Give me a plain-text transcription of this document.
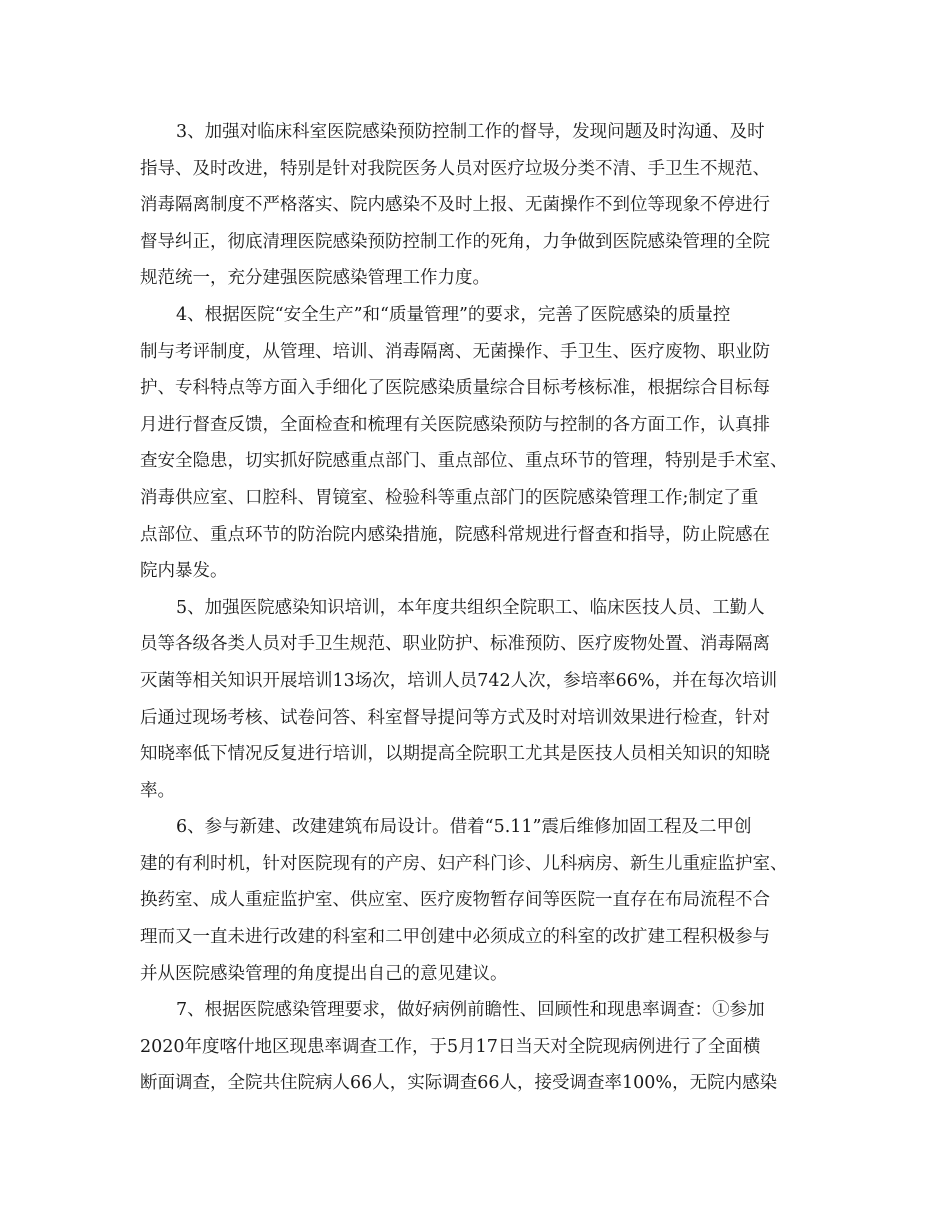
3、加强对临床科室医院感染预防控制工作的督导，发现问题及时沟通、及时
指导、及时改进，特别是针对我院医务人员对医疗垃圾分类不清、手卫生不规范、
消毒隔离制度不严格落实、院内感染不及时上报、无菌操作不到位等现象不停进行
督导纠正，彻底清理医院感染预防控制工作的死角，力争做到医院感染管理的全院
规范统一，充分建强医院感染管理工作力度。
4、根据医院“安全生产”和“质量管理”的要求，完善了医院感染的质量控
制与考评制度，从管理、培训、消毒隔离、无菌操作、手卫生、医疗废物、职业防
护、专科特点等方面入手细化了医院感染质量综合目标考核标准，根据综合目标每
月进行督查反馈，全面检查和梳理有关医院感染预防与控制的各方面工作，认真排
查安全隐患，切实抓好院感重点部门、重点部位、重点环节的管理，特别是手术室、
消毒供应室、口腔科、胃镜室、检验科等重点部门的医院感染管理工作;制定了重
点部位、重点环节的防治院内感染措施，院感科常规进行督查和指导，防止院感在
院内暴发。
5、加强医院感染知识培训，本年度共组织全院职工、临床医技人员、工勤人
员等各级各类人员对手卫生规范、职业防护、标准预防、医疗废物处置、消毒隔离
灭菌等相关知识开展培训13场次，培训人员742人次，参培率66%，并在每次培训
后通过现场考核、试卷问答、科室督导提问等方式及时对培训效果进行检查，针对
知晓率低下情况反复进行培训，以期提高全院职工尤其是医技人员相关知识的知晓
率。
6、参与新建、改建建筑布局设计。借着“5.11”震后维修加固工程及二甲创
建的有利时机，针对医院现有的产房、妇产科门诊、儿科病房、新生儿重症监护室、
换药室、成人重症监护室、供应室、医疗废物暂存间等医院一直存在布局流程不合
理而又一直未进行改建的科室和二甲创建中必须成立的科室的改扩建工程积极参与
并从医院感染管理的角度提出自己的意见建议。
7、根据医院感染管理要求，做好病例前瞻性、回顾性和现患率调查：①参加
2020年度喀什地区现患率调查工作，于5月17日当天对全院现病例进行了全面横
断面调查，全院共住院病人66人，实际调查66人，接受调查率100%，无院内感染
